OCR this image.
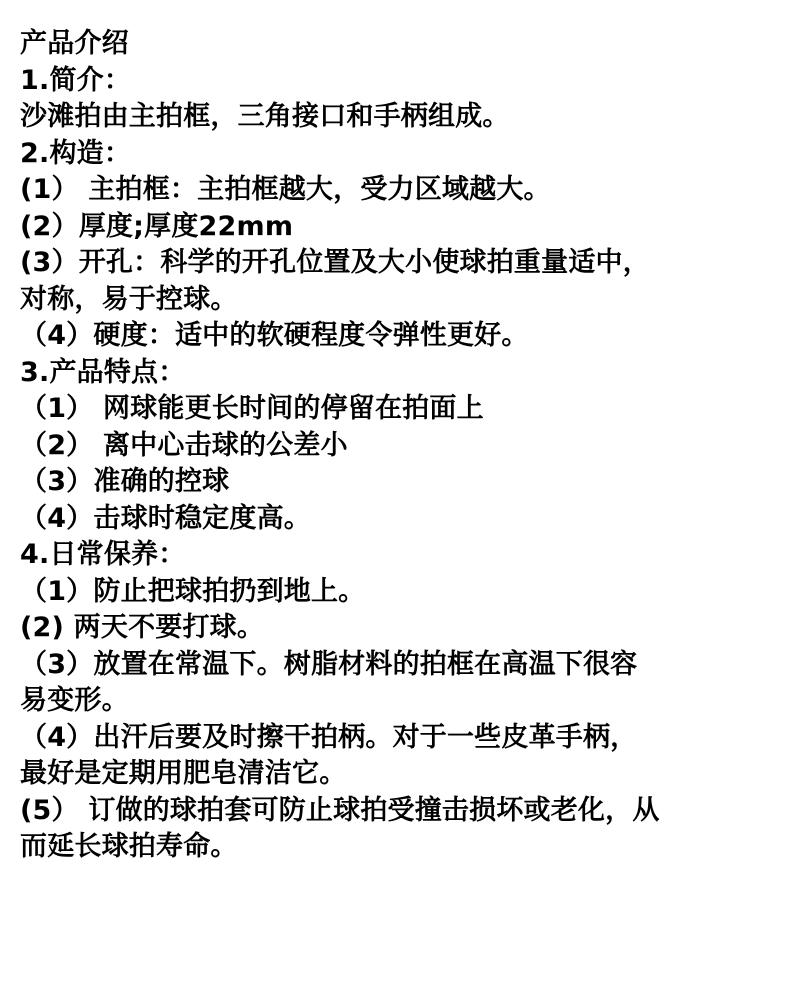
产品介绍
1.简介：
沙滩拍由主拍框，三角接口和手柄组成。
2.构造：
(1） 主拍框：主拍框越大，受力区域越大。
(2）厚度;厚度22mm
(3）开孔：科学的开孔位置及大小使球拍重量适中，
对称，易于控球。
（4）硬度：适中的软硬程度令弹性更好。
3.产品特点：
（1） 网球能更长时间的停留在拍面上
（2） 离中心击球的公差小
（3）准确的控球
（4）击球时稳定度高。
4.日常保养：
（1）防止把球拍扔到地上。
(2) 两天不要打球。
（3）放置在常温下。树脂材料的拍框在高温下很容
易变形。
（4）出汗后要及时擦干拍柄。对于一些皮革手柄，
最好是定期用肥皂清洁它。
(5） 订做的球拍套可防止球拍受撞击损坏或老化，从
而延长球拍寿命。
